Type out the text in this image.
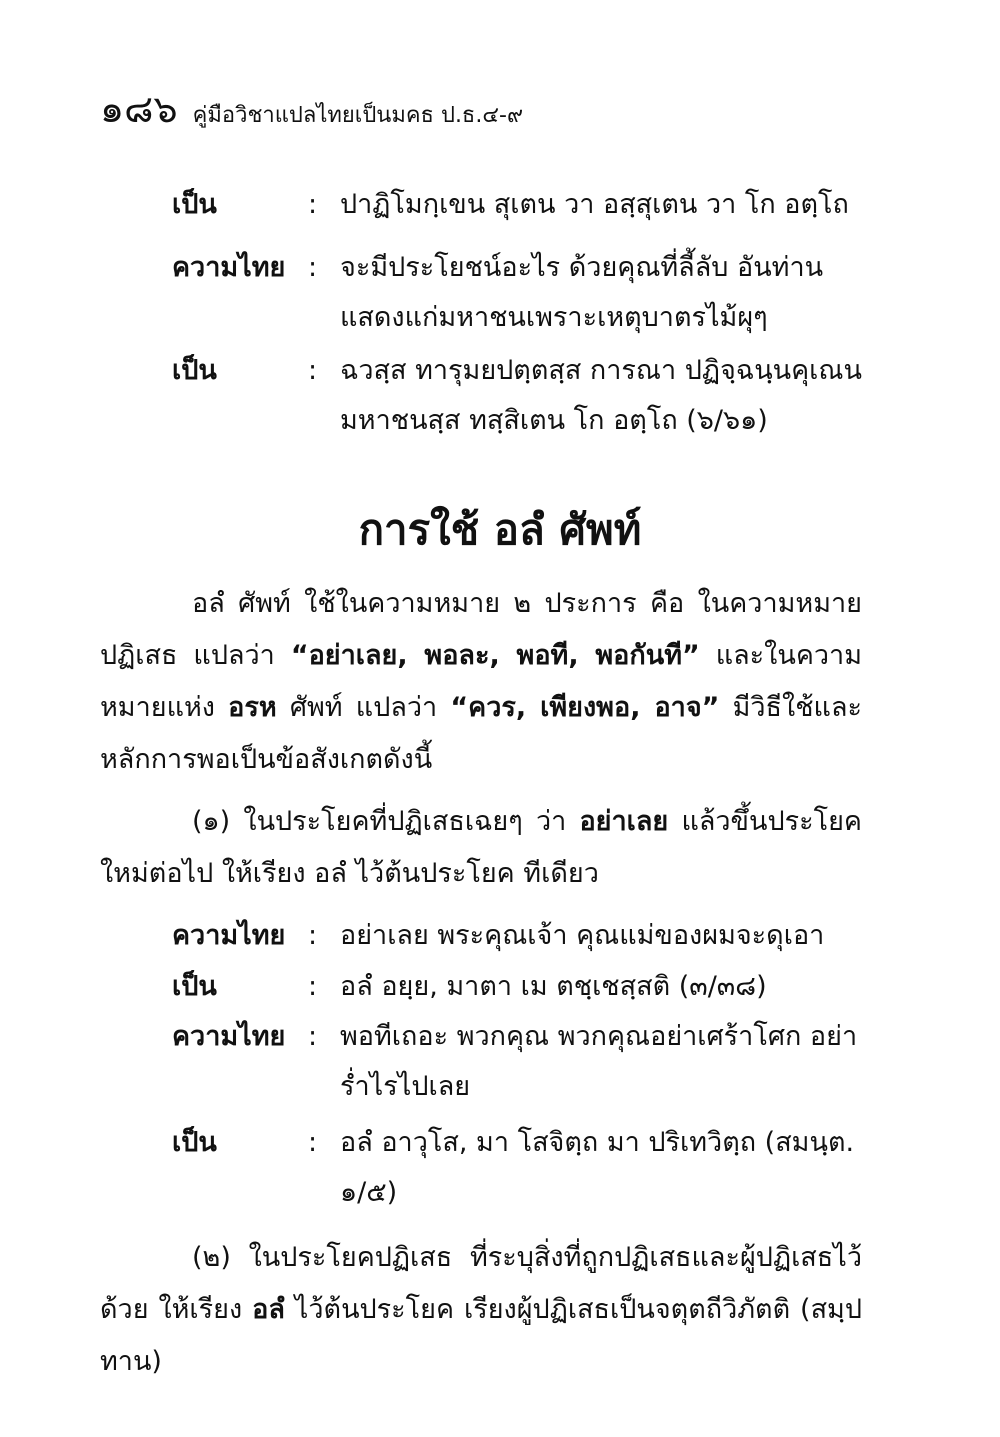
๑๘๖ คู่มือวิชาแปลไทยเป็นมคธ ป.ธ.๔-๙
เป็น	: ปาฏิโมกฺเขน สุเตน วา อสฺสุเตน วา โก อตฺโถ
ความไทย : จะมีประโยชน์อะไร ด้วยคุณที่ลี้ลับ อันท่านแสดงแก่มหาชนเพราะเหตุบาตรไม้ผุๆ
เป็น	: ฉวสฺส ทารุมยปตฺตสฺส การณา ปฏิจฺฉนฺนคุเณน มหาชนสฺส ทสฺสิเตน โก อตฺโถ (๖/๖๑)
การใช้ อลํ ศัพท์
อลํ ศัพท์ ใช้ในความหมาย ๒ ประการ คือ ในความหมายปฏิเสธ แปลว่า “อย่าเลย, พอละ, พอที, พอกันที” และในความหมายแห่ง อรห ศัพท์ แปลว่า “ควร, เพียงพอ, อาจ” มีวิธีใช้และหลักการพอเป็นข้อสังเกตดังนี้
(๑) ในประโยคที่ปฏิเสธเฉยๆ ว่า อย่าเลย แล้วขึ้นประโยคใหม่ต่อไป ให้เรียง อลํ ไว้ต้นประโยค ทีเดียว
ความไทย : อย่าเลย พระคุณเจ้า คุณแม่ของผมจะดุเอา
เป็น	: อลํ อยฺย, มาตา เม ตชฺเชสฺสติ (๓/๓๘)
ความไทย : พอทีเถอะ พวกคุณ พวกคุณอย่าเศร้าโศก อย่าร่ำไรไปเลย
เป็น	: อลํ อาวุโส, มา โสจิตฺถ มา ปริเทวิตฺถ (สมนฺต. ๑/๕)
(๒) ในประโยคปฏิเสธ ที่ระบุสิ่งที่ถูกปฏิเสธและผู้ปฏิเสธไว้ด้วย ให้เรียง อลํ ไว้ต้นประโยค เรียงผู้ปฏิเสธเป็นจตุตถีวิภัตติ (สมฺปทาน)
